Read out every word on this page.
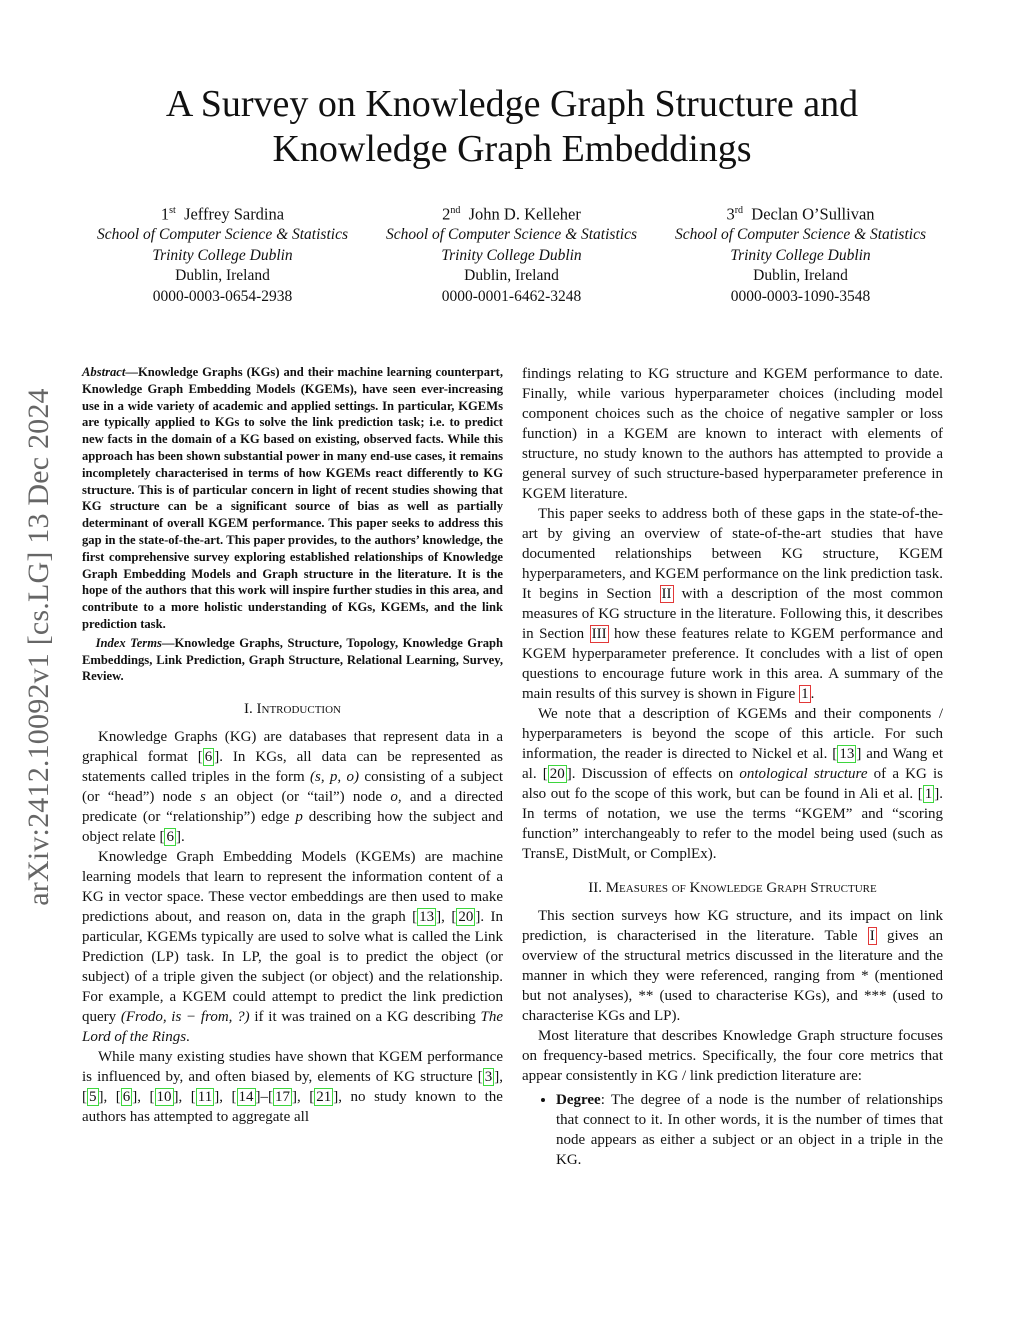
arXiv:2412.10092v1 [cs.LG] 13 Dec 2024
A Survey on Knowledge Graph Structure and
Knowledge Graph Embeddings
1st Jeffrey Sardina
School of Computer Science & Statistics
Trinity College Dublin
Dublin, Ireland
0000-0003-0654-2938
2nd John D. Kelleher
School of Computer Science & Statistics
Trinity College Dublin
Dublin, Ireland
0000-0001-6462-3248
3rd Declan O’Sullivan
School of Computer Science & Statistics
Trinity College Dublin
Dublin, Ireland
0000-0003-1090-3548
Abstract—Knowledge Graphs (KGs) and their machine learning counterpart, Knowledge Graph Embedding Models (KGEMs), have seen ever-increasing use in a wide variety of academic and applied settings. In particular, KGEMs are typically applied to KGs to solve the link prediction task; i.e. to predict new facts in the domain of a KG based on existing, observed facts. While this approach has been shown substantial power in many end-use cases, it remains incompletely characterised in terms of how KGEMs react differently to KG structure. This is of particular concern in light of recent studies showing that KG structure can be a significant source of bias as well as partially determinant of overall KGEM performance. This paper seeks to address this gap in the state-of-the-art. This paper provides, to the authors’ knowledge, the first comprehensive survey exploring established relationships of Knowledge Graph Embedding Models and Graph structure in the literature. It is the hope of the authors that this work will inspire further studies in this area, and contribute to a more holistic understanding of KGs, KGEMs, and the link prediction task.
Index Terms—Knowledge Graphs, Structure, Topology, Knowledge Graph Embeddings, Link Prediction, Graph Structure, Relational Learning, Survey, Review.
I. Introduction

Knowledge Graphs (KG) are databases that represent data in a graphical format [ 6 ]. In KGs, all data can be represented as statements called triples in the form (s, p, o) consisting of a subject (or “head”) node s an object (or “tail”) node o, and a directed predicate (or “relationship”) edge p describing how the subject and object relate [ 6 ].

Knowledge Graph Embedding Models (KGEMs) are machine learning models that learn to represent the information content of a KG in vector space. These vector embeddings are then used to make predictions about, and reason on, data in the graph [ 13 ], [ 20 ]. In particular, KGEMs typically are used to solve what is called the Link Prediction (LP) task. In LP, the goal is to predict the object (or subject) of a triple given the subject (or object) and the relationship. For example, a KGEM could attempt to predict the link prediction query (Frodo, is − from, ?) if it was trained on a KG describing The Lord of the Rings.

While many existing studies have shown that KGEM performance is influenced by, and often biased by, elements of KG structure [ 3 ], [ 5 ], [ 6 ], [ 10 ], [ 11 ], [ 14 ]–[ 17 ], [ 21 ], no study known to the authors has attempted to aggregate all

findings relating to KG structure and KGEM performance to date. Finally, while various hyperparameter choices (including model component choices such as the choice of negative sampler or loss function) in a KGEM are known to interact with elements of structure, no study known to the authors has attempted to provide a general survey of such structure-based hyperparameter preference in KGEM literature.

This paper seeks to address both of these gaps in the state-of-the-art by giving an overview of state-of-the-art studies that have documented relationships between KG structure, KGEM hyperparameters, and KGEM performance on the link prediction task. It begins in Section II with a description of the most common measures of KG structure in the literature. Following this, it describes in Section III how these features relate to KGEM performance and KGEM hyperparameter preference. It concludes with a list of open questions to encourage future work in this area. A summary of the main results of this survey is shown in Figure 1 .

We note that a description of KGEMs and their components / hyperparameters is beyond the scope of this article. For such information, the reader is directed to Nickel et al. [ 13 ] and Wang et al. [ 20 ]. Discussion of effects on ontological structure of a KG is also out fo the scope of this work, but can be found in Ali et al. [ 1 ]. In terms of notation, we use the terms “KGEM” and “scoring function” interchangeably to refer to the model being used (such as TransE, DistMult, or ComplEx).

II. Measures of Knowledge Graph Structure

This section surveys how KG structure, and its impact on link prediction, is characterised in the literature. Table I gives an overview of the structural metrics discussed in the literature and the manner in which they were referenced, ranging from * (mentioned but not analyses), ** (used to characterise KGs), and *** (used to characterise KGs and LP).

Most literature that describes Knowledge Graph structure focuses on frequency-based metrics. Specifically, the four core metrics that appear consistently in KG / link prediction literature are:

• Degree: The degree of a node is the number of relationships that connect to it. In other words, it is the number of times that node appears as either a subject or an object in a triple in the KG.
